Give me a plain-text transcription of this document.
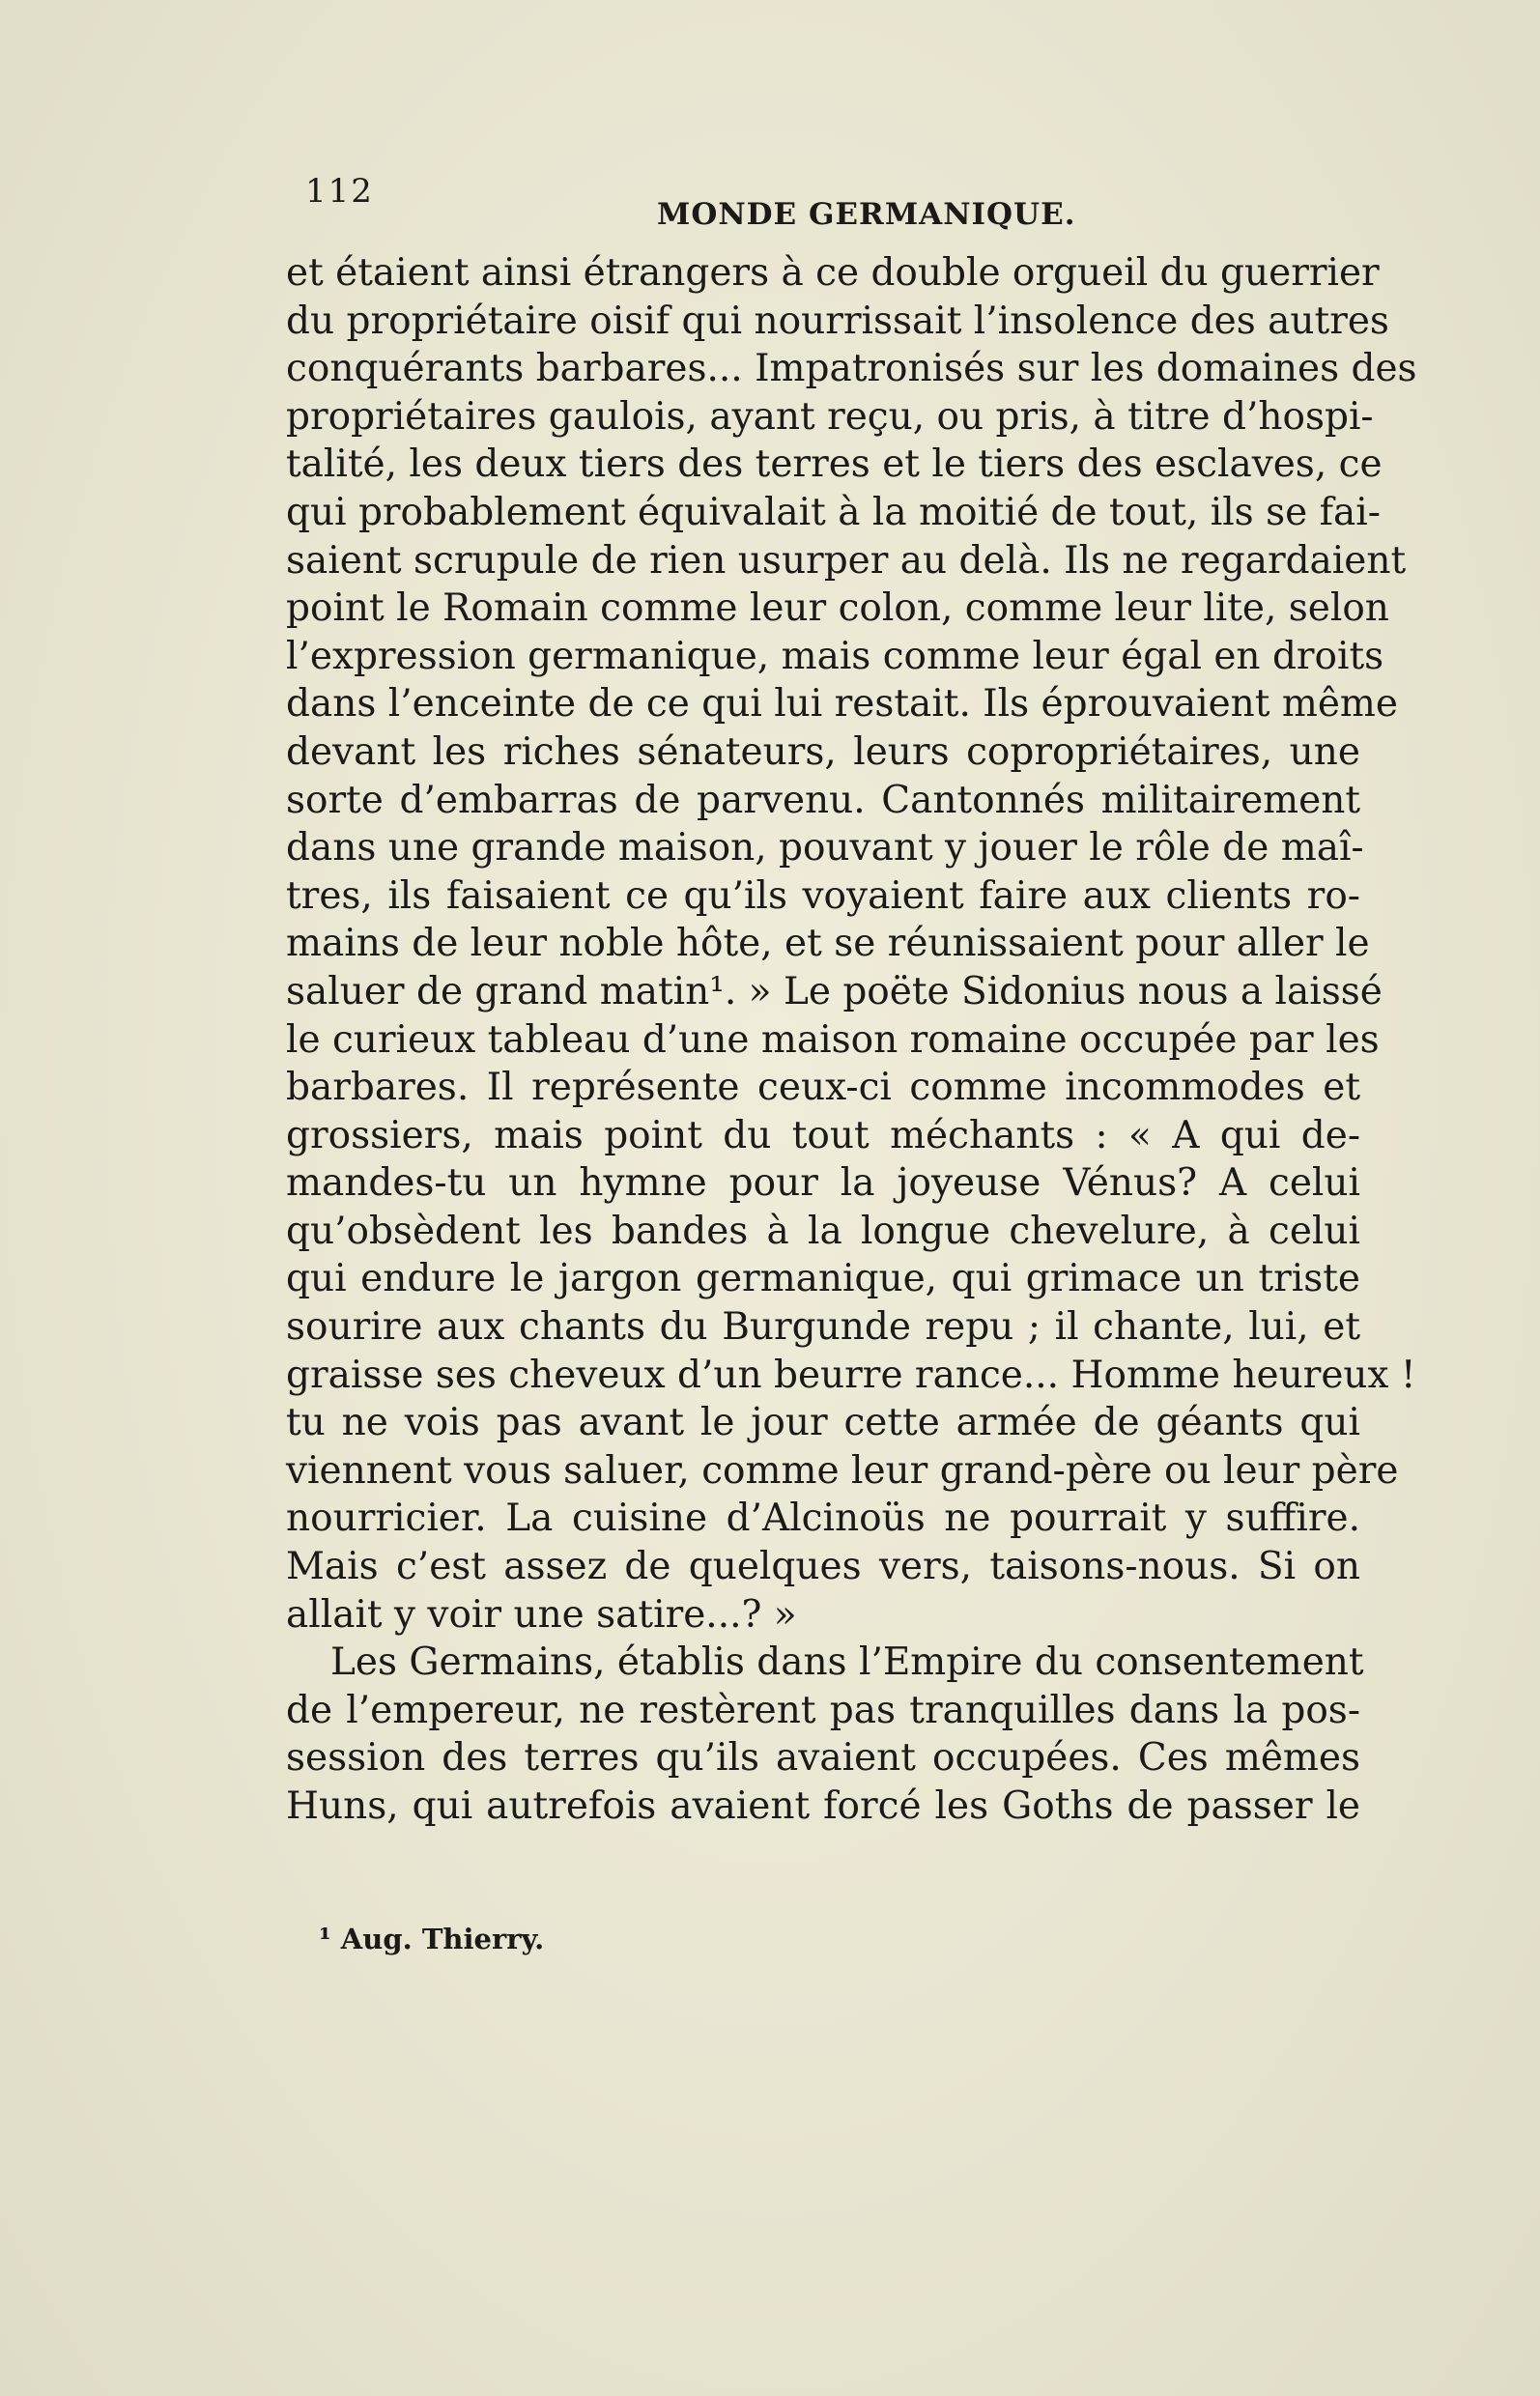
112
MONDE GERMANIQUE.
et étaient ainsi étrangers à ce double orgueil du guerrier
du propriétaire oisif qui nourrissait l’insolence des autres
conquérants barbares... Impatronisés sur les domaines des
propriétaires gaulois, ayant reçu, ou pris, à titre d’hospi-
talité, les deux tiers des terres et le tiers des esclaves, ce
qui probablement équivalait à la moitié de tout, ils se fai-
saient scrupule de rien usurper au delà. Ils ne regardaient
point le Romain comme leur colon, comme leur lite, selon
l’expression germanique, mais comme leur égal en droits
dans l’enceinte de ce qui lui restait. Ils éprouvaient même
devant les riches sénateurs, leurs copropriétaires, une
sorte d’embarras de parvenu. Cantonnés militairement
dans une grande maison, pouvant y jouer le rôle de maî-
tres, ils faisaient ce qu’ils voyaient faire aux clients ro-
mains de leur noble hôte, et se réunissaient pour aller le
saluer de grand matin¹. » Le poëte Sidonius nous a laissé
le curieux tableau d’une maison romaine occupée par les
barbares. Il représente ceux-ci comme incommodes et
grossiers, mais point du tout méchants : « A qui de-
mandes-tu un hymne pour la joyeuse Vénus? A celui
qu’obsèdent les bandes à la longue chevelure, à celui
qui endure le jargon germanique, qui grimace un triste
sourire aux chants du Burgunde repu ; il chante, lui, et
graisse ses cheveux d’un beurre rance... Homme heureux !
tu ne vois pas avant le jour cette armée de géants qui
viennent vous saluer, comme leur grand-père ou leur père
nourricier. La cuisine d’Alcinoüs ne pourrait y suffire.
Mais c’est assez de quelques vers, taisons-nous. Si on
allait y voir une satire...? »
Les Germains, établis dans l’Empire du consentement
de l’empereur, ne restèrent pas tranquilles dans la pos-
session des terres qu’ils avaient occupées. Ces mêmes
Huns, qui autrefois avaient forcé les Goths de passer le
¹ Aug. Thierry.
